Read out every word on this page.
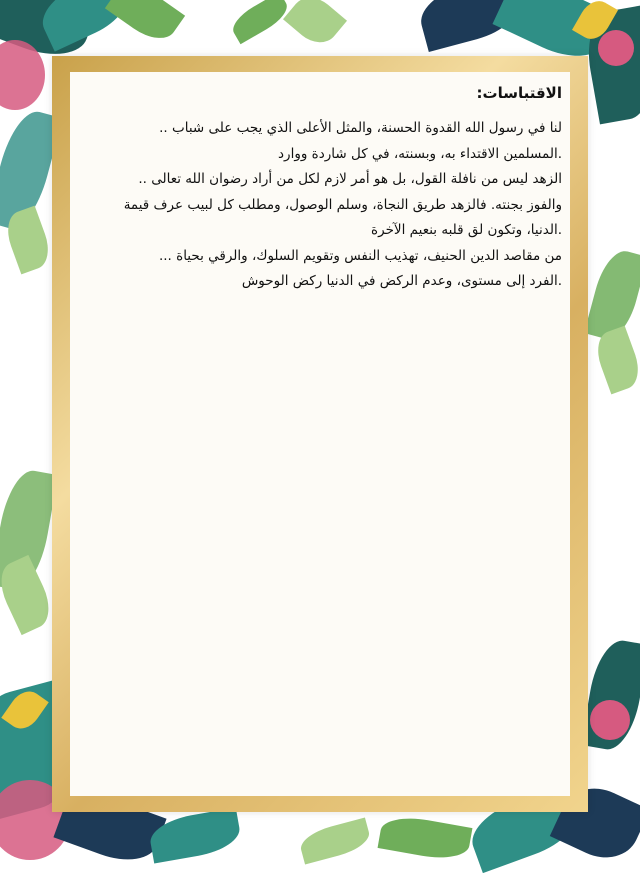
الاقتباسات:
لنا في رسول الله القدوة الحسنة، والمثل الأعلى الذي يجب على شباب ..
.المسلمين الاقتداء به، وبسنته، في كل شاردة ووارد
الزهد ليس من نافلة القول، بل هو أمر لازم لكل من أراد رضوان الله تعالى ..
والفوز بجنته. فالزهد طريق النجاة، وسلم الوصول، ومطلب كل لبيب عرف قيمة
.الدنيا، وتكون لق قلبه بنعيم الآخرة
من مقاصد الدين الحنيف، تهذيب النفس وتقويم السلوك، والرقي بحياة ...
.الفرد إلى مستوى، وعدم الركض في الدنيا ركض الوحوش
